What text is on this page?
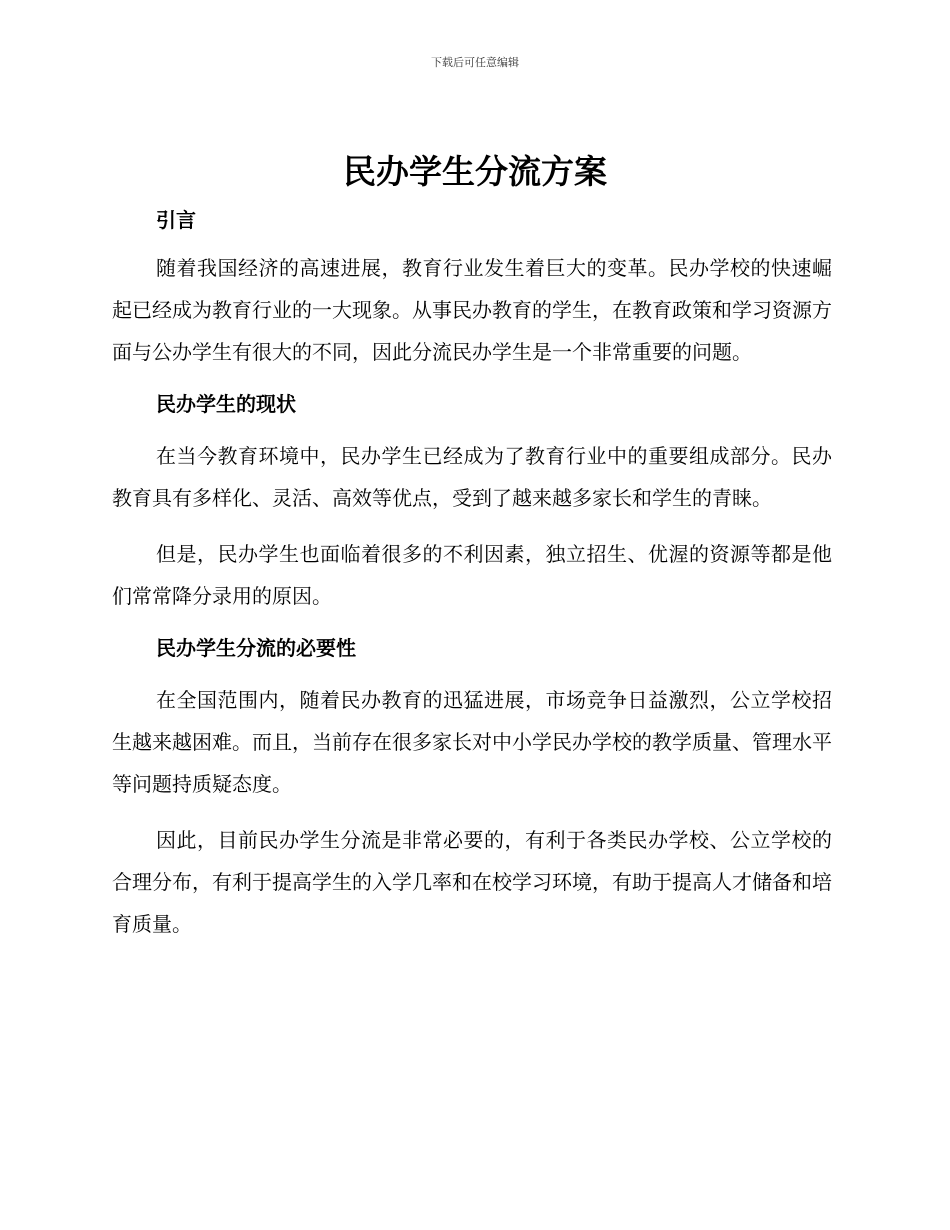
下载后可任意编辑
民办学生分流方案
引言

随着我国经济的高速进展，教育行业发生着巨大的变革。民办学校的快速崛起已经成为教育行业的一大现象。从事民办教育的学生，在教育政策和学习资源方面与公办学生有很大的不同，因此分流民办学生是一个非常重要的问题。

民办学生的现状

在当今教育环境中，民办学生已经成为了教育行业中的重要组成部分。民办教育具有多样化、灵活、高效等优点，受到了越来越多家长和学生的青睐。

但是，民办学生也面临着很多的不利因素，独立招生、优渥的资源等都是他们常常降分录用的原因。

民办学生分流的必要性

在全国范围内，随着民办教育的迅猛进展，市场竞争日益激烈，公立学校招生越来越困难。而且，当前存在很多家长对中小学民办学校的教学质量、管理水平等问题持质疑态度。

因此，目前民办学生分流是非常必要的，有利于各类民办学校、公立学校的合理分布，有利于提高学生的入学几率和在校学习环境，有助于提高人才储备和培育质量。
